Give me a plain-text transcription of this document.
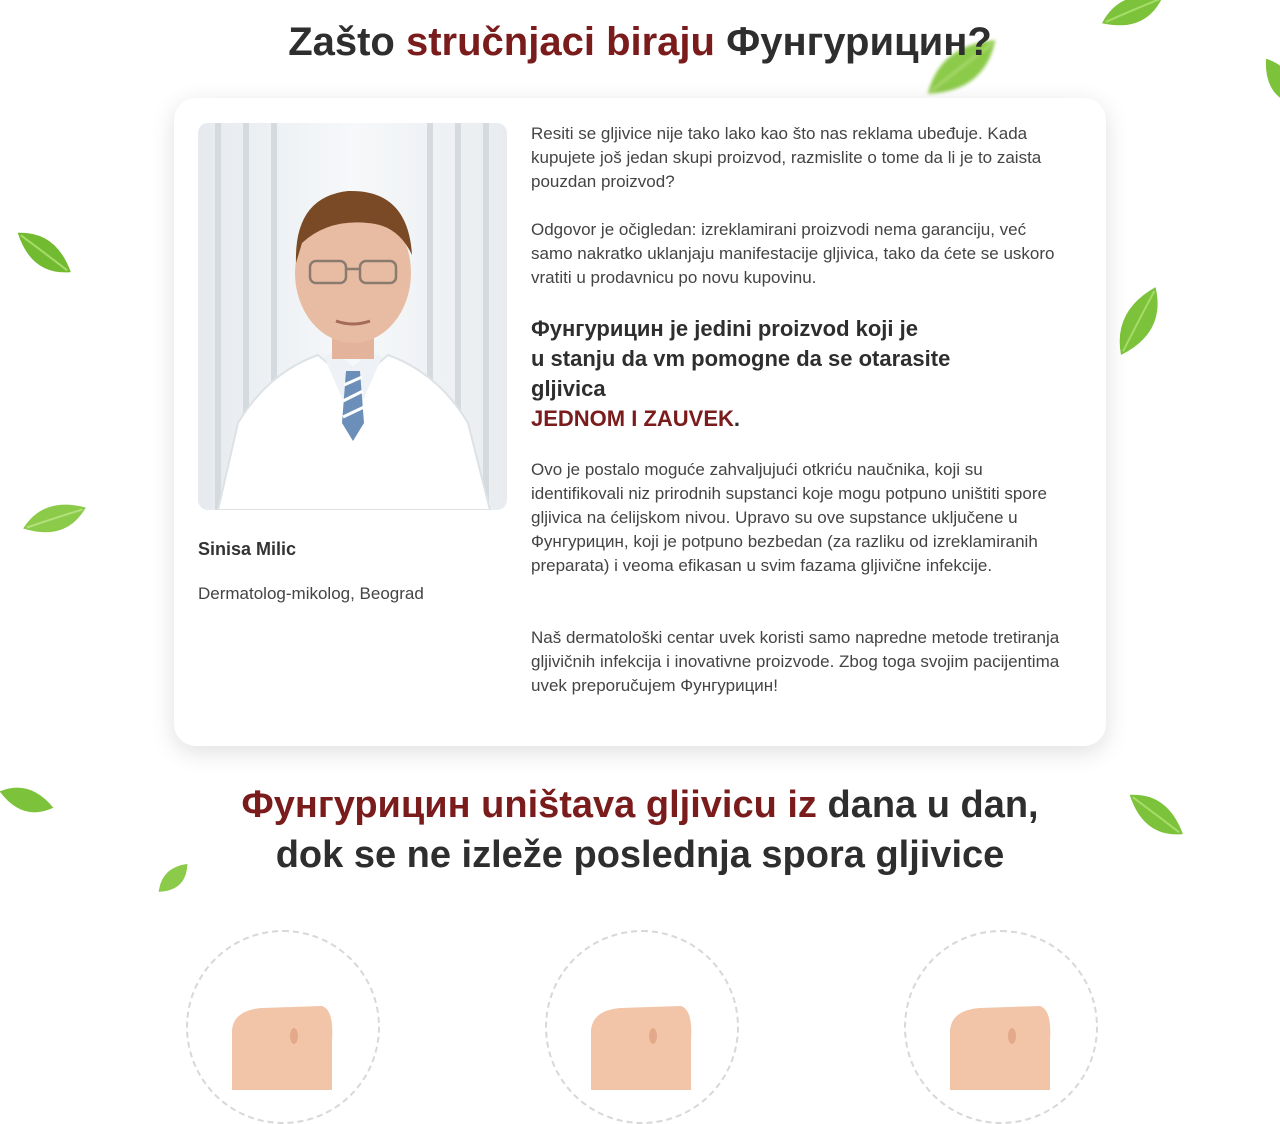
Zašto stručnjaci biraju Фунгурицин?
Sinisa Milic
Dermatolog-mikolog, Beograd

Resiti se gljivice nije tako lako kao što nas reklama ubeđuje. Kada kupujete još jedan skupi proizvod, razmislite o tome da li je to zaista pouzdan proizvod?

Odgovor je očigledan: izreklamirani proizvodi nema garanciju, već samo nakratko uklanjaju manifestacije gljivica, tako da ćete se uskoro vratiti u prodavnicu po novu kupovinu.

Фунгурицин je jedini proizvod koji je
u stanju da vm pomogne da se otarasite
gljivica
JEDNOM I ZAUVEK.

Ovo je postalo moguće zahvaljujući otkriću naučnika, koji su identifikovali niz prirodnih supstanci koje mogu potpuno uništiti spore gljivica na ćelijskom nivou. Upravo su ove supstance uključene u Фунгурицин, koji je potpuno bezbedan (za razliku od izreklamiranih preparata) i veoma efikasan u svim fazama gljivične infekcije.

Naš dermatološki centar uvek koristi samo napredne metode tretiranja gljivičnih infekcija i inovativne proizvode. Zbog toga svojim pacijentima uvek preporučujem Фунгурицин!

Фунгурицин uništava gljivicu iz dana u dan,
dok se ne izleže poslednja spora gljivice
